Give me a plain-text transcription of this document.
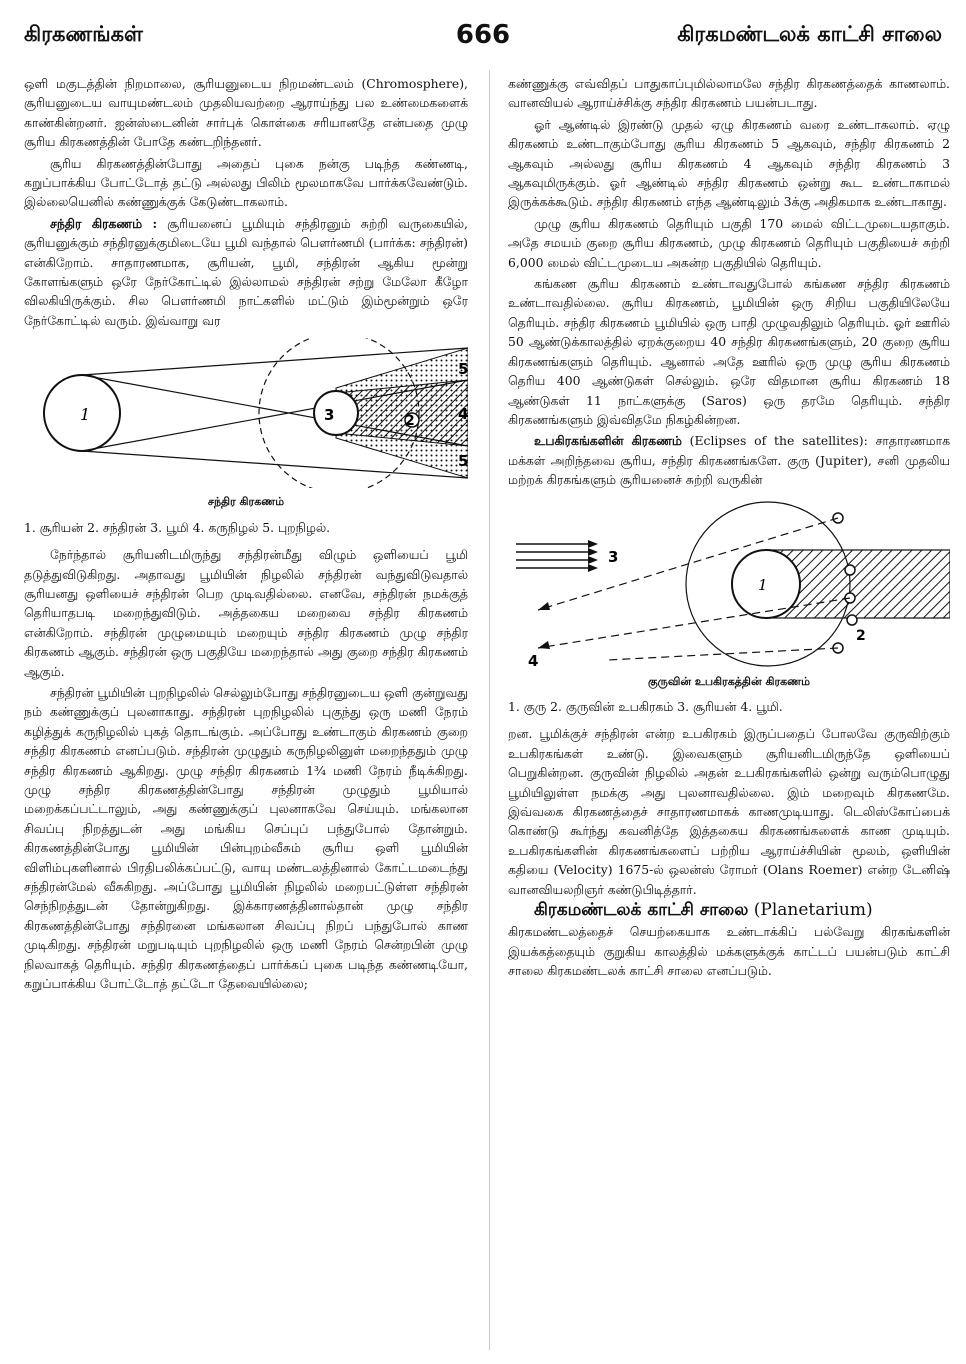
கிரகணங்கள்	666	கிரகமண்டலக் காட்சி சாலை

ஒளி மகுடத்தின் நிறமாலை, சூரியனுடைய நிறமண்டலம் (Chromosphere), சூரியனுடைய வாயுமண்டலம் முதலியவற்றை ஆராய்ந்து பல உண்மைகளைக் காண்கின்றனர். ஐன்ஸ்டைனின் சார்புக் கொள்கை சரியானதே என்பதை முழு சூரிய கிரகணத்தின் போதே கண்டறிந்தனர்.

சூரிய கிரகணத்தின்போது அதைப் புகை நன்கு படிந்த கண்ணடி, கறுப்பாக்கிய போட்டோத் தட்டு அல்லது பிலிம் மூலமாகவே பார்க்கவேண்டும். இல்லையெனில் கண்ணுக்குக் கேடுண்டாகலாம்.

சந்திர கிரகணம் : சூரியனைப் பூமியும் சந்திரனும் சுற்றி வருகையில், சூரியனுக்கும் சந்திரனுக்குமிடையே பூமி வந்தால் பௌர்ணமி (பார்க்க: சந்திரன்) என்கிறோம். சாதாரணமாக, சூரியன், பூமி, சந்திரன் ஆகிய மூன்று கோளங்களும் ஒரே நேர்கோட்டில் இல்லாமல் சந்திரன் சற்று மேலோ கீழோ விலகியிருக்கும். சில பௌர்ணமி நாட்களில் மட்டும் இம்மூன்றும் ஒரே நேர்கோட்டில் வரும். இவ்வாறு வர

1	3	2
5
4
5
சந்திர கிரகணம்
1. சூரியன் 2. சந்திரன் 3. பூமி 4. கருநிழல் 5. புறநிழல்.

நேர்ந்தால் சூரியனிடமிருந்து சந்திரன்மீது விழும் ஒளியைப் பூமி தடுத்துவிடுகிறது. அதாவது பூமியின் நிழலில் சந்திரன் வந்துவிடுவதால் சூரியனது ஒளியைச் சந்திரன் பெற முடிவதில்லை. எனவே, சந்திரன் நமக்குத் தெரியாதபடி மறைந்துவிடும். அத்தகைய மறைவை சந்திர கிரகணம் என்கிறோம். சந்திரன் முழுமையும் மறையும் சந்திர கிரகணம் முழு சந்திர கிரகணம் ஆகும். சந்திரன் ஒரு பகுதியே மறைந்தால் அது குறை சந்திர கிரகணம் ஆகும்.

சந்திரன் பூமியின் புறநிழலில் செல்லும்போது சந்திரனுடைய ஒளி குன்றுவது நம் கண்ணுக்குப் புலனாகாது. சந்திரன் புறநிழலில் புகுந்து ஒரு மணி நேரம் கழித்துக் கருநிழலில் புகத் தொடங்கும். அப்போது உண்டாகும் கிரகணம் குறை சந்திர கிரகணம் எனப்படும். சந்திரன் முழுதும் கருநிழலினுள் மறைந்ததும் முழு சந்திர கிரகணம் ஆகிறது. முழு சந்திர கிரகணம் 1¾ மணி நேரம் நீடிக்கிறது. முழு சந்திர கிரகணத்தின்போது சந்திரன் முழுதும் பூமியால் மறைக்கப்பட்டாலும், அது கண்ணுக்குப் புலனாகவே செய்யும். மங்கலான சிவப்பு நிறத்துடன் அது மங்கிய செப்புப் பந்துபோல் தோன்றும். கிரகணத்தின்போது பூமியின் பின்புறம்வீசும் சூரிய ஒளி பூமியின் விளிம்புகளினால் பிரதிபலிக்கப்பட்டு, வாயு மண்டலத்தினால் கோட்டமடைந்து சந்திரன்மேல் வீசுகிறது. அப்போது பூமியின் நிழலில் மறைபட்டுள்ள சந்திரன் செந்நிறத்துடன் தோன்றுகிறது. இக்காரணத்தினால்தான் முழு சந்திர கிரகணத்தின்போது சந்திரனை மங்கலான சிவப்பு நிறப் பந்துபோல் காண முடிகிறது. சந்திரன் மறுபடியும் புறநிழலில் ஒரு மணி நேரம் சென்றபின் முழு நிலவாகத் தெரியும். சந்திர கிரகணத்தைப் பார்க்கப் புகை படிந்த கண்ணடியோ, கறுப்பாக்கிய போட்டோத் தட்டோ தேவையில்லை;

கண்ணுக்கு எவ்விதப் பாதுகாப்புமில்லாமலே சந்திர கிரகணத்தைக் காணலாம். வானவியல் ஆராய்ச்சிக்கு சந்திர கிரகணம் பயன்படாது.

ஓர் ஆண்டில் இரண்டு முதல் ஏழு கிரகணம் வரை உண்டாகலாம். ஏழு கிரகணம் உண்டாகும்போது சூரிய கிரகணம் 5 ஆகவும், சந்திர கிரகணம் 2 ஆகவும் அல்லது சூரிய கிரகணம் 4 ஆகவும் சந்திர கிரகணம் 3 ஆகவுமிருக்கும். ஓர் ஆண்டில் சந்திர கிரகணம் ஒன்று கூட உண்டாகாமல் இருக்கக்கூடும். சந்திர கிரகணம் எந்த ஆண்டிலும் 3க்கு அதிகமாக உண்டாகாது.

முழு சூரிய கிரகணம் தெரியும் பகுதி 170 மைல் விட்டமுடையதாகும். அதே சமயம் குறை சூரிய கிரகணம், முழு கிரகணம் தெரியும் பகுதியைச் சுற்றி 6,000 மைல் விட்டமுடைய அகன்ற பகுதியில் தெரியும்.

கங்கண சூரிய கிரகணம் உண்டாவதுபோல் கங்கண சந்திர கிரகணம் உண்டாவதில்லை. சூரிய கிரகணம், பூமியின் ஒரு சிறிய பகுதியிலேயே தெரியும். சந்திர கிரகணம் பூமியில் ஒரு பாதி முழுவதிலும் தெரியும். ஓர் ஊரில் 50 ஆண்டுக்காலத்தில் ஏறக்குறைய 40 சந்திர கிரகணங்களும், 20 குறை சூரிய கிரகணங்களும் தெரியும். ஆனால் அதே ஊரில் ஒரு முழு சூரிய கிரகணம் தெரிய 400 ஆண்டுகள் செல்லும். ஒரே விதமான சூரிய கிரகணம் 18 ஆண்டுகள் 11 நாட்களுக்கு (Saros) ஒரு தரமே தெரியும். சந்திர கிரகணங்களும் இவ்விதமே நிகழ்கின்றன.

உபகிரகங்களின் கிரகணம் (Eclipses of the satellites): சாதாரணமாக மக்கள் அறிந்தவை சூரிய, சந்திர கிரகணங்களே. குரு (Jupiter), சனி முதலிய மற்றக் கிரகங்களும் சூரியனைச் சுற்றி வருகின்

1
2
3
4
குருவின் உபகிரகத்தின் கிரகணம்
1. குரு 2. குருவின் உபகிரகம் 3. சூரியன் 4. பூமி.

றன. பூமிக்குச் சந்திரன் என்ற உபகிரகம் இருப்பதைப் போலவே குருவிற்கும் உபகிரகங்கள் உண்டு. இவைகளும் சூரியனிடமிருந்தே ஒளியைப் பெறுகின்றன. குருவின் நிழலில் அதன் உபகிரகங்களில் ஒன்று வரும்பொழுது பூமியிலுள்ள நமக்கு அது புலனாவதில்லை. இம் மறைவும் கிரகணமே. இவ்வகை கிரகணத்தைச் சாதாரணமாகக் காணமுடியாது. டெலிஸ்கோப்பைக் கொண்டு கூர்ந்து கவனித்தே இத்தகைய கிரகணங்களைக் காண முடியும். உபகிரகங்களின் கிரகணங்களைப் பற்றிய ஆராய்ச்சியின் மூலம், ஒளியின் கதியை (Velocity) 1675-ல் ஒலன்ஸ் ரோமர் (Olans Roemer) என்ற டேனிஷ் வானவியலறிஞர் கண்டுபிடித்தார்.

கிரகமண்டலக் காட்சி சாலை (Planetarium)

கிரகமண்டலத்தைச் செயற்கையாக உண்டாக்கிப் பல்வேறு கிரகங்களின் இயக்கத்தையும் குறுகிய காலத்தில் மக்களுக்குக் காட்டப் பயன்படும் காட்சி சாலை கிரகமண்டலக் காட்சி சாலை எனப்படும்.
